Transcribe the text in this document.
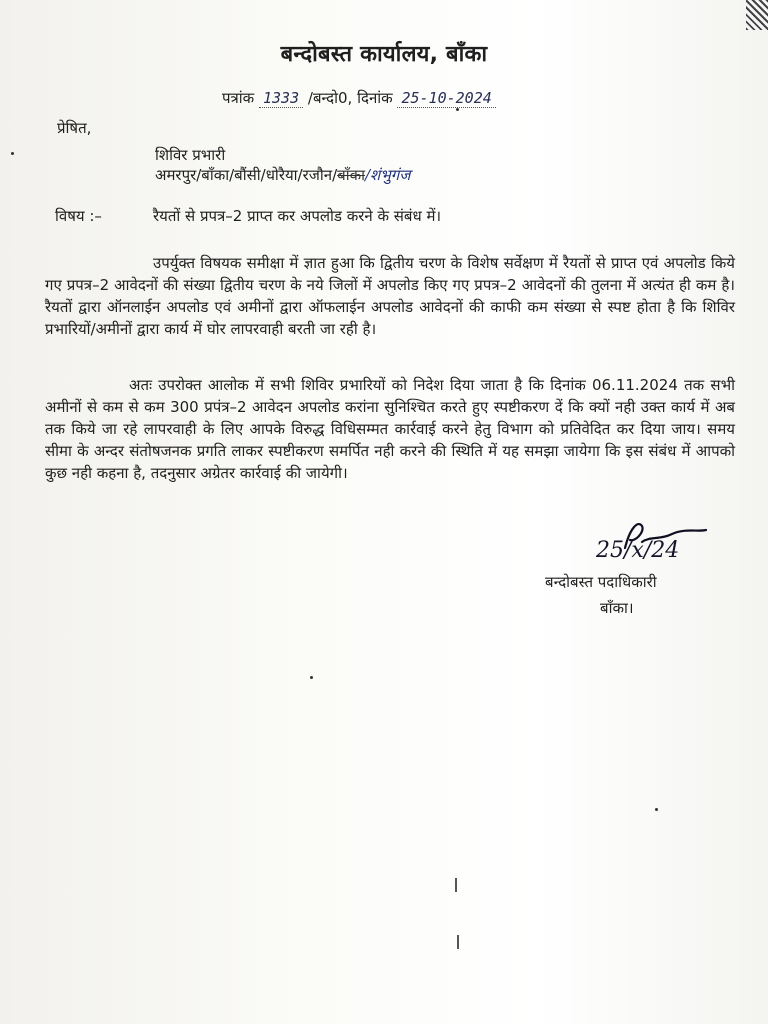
बन्दोबस्त कार्यालय, बाँका
पत्रांक 1333 /बन्दो0, दिनांक 25-10-2024
प्रेषित,
शिविर प्रभारी
अमरपुर/बाँका/बौंसी/धोरैया/रजौन/बाँका/शंभुगंज
विषय :–	रैयतों से प्रपत्र–2 प्राप्त कर अपलोड करने के संबंध में।
उपर्युक्त विषयक समीक्षा में ज्ञात हुआ कि द्वितीय चरण के विशेष सर्वेक्षण में रैयतों से प्राप्त एवं अपलोड किये गए प्रपत्र–2 आवेदनों की संख्या द्वितीय चरण के नये जिलों में अपलोड किए गए प्रपत्र–2 आवेदनों की तुलना में अत्यंत ही कम है। रैयतों द्वारा ऑनलाईन अपलोड एवं अमीनों द्वारा ऑफलाईन अपलोड आवेदनों की काफी कम संख्या से स्पष्ट होता है कि शिविर प्रभारियों/अमीनों द्वारा कार्य में घोर लापरवाही बरती जा रही है।
अतः उपरोक्त आलोक में सभी शिविर प्रभारियों को निदेश दिया जाता है कि दिनांक 06.11.2024 तक सभी अमीनों से कम से कम 300 प्रपंत्र–2 आवेदन अपलोड करांना सुनिश्चित करते हुए स्पष्टीकरण दें कि क्यों नही उक्त कार्य में अब तक किये जा रहे लापरवाही के लिए आपके विरुद्ध विधिसम्मत कार्रवाई करने हेतु विभाग को प्रतिवेदित कर दिया जाय। समय सीमा के अन्दर संतोषजनक प्रगति लाकर स्पष्टीकरण समर्पित नही करने की स्थिति में यह समझा जायेगा कि इस संबंध में आपको कुछ नही कहना है, तदनुसार अग्रेतर कार्रवाई की जायेगी।
25/x/24
बन्दोबस्त पदाधिकारी
बाँका।
